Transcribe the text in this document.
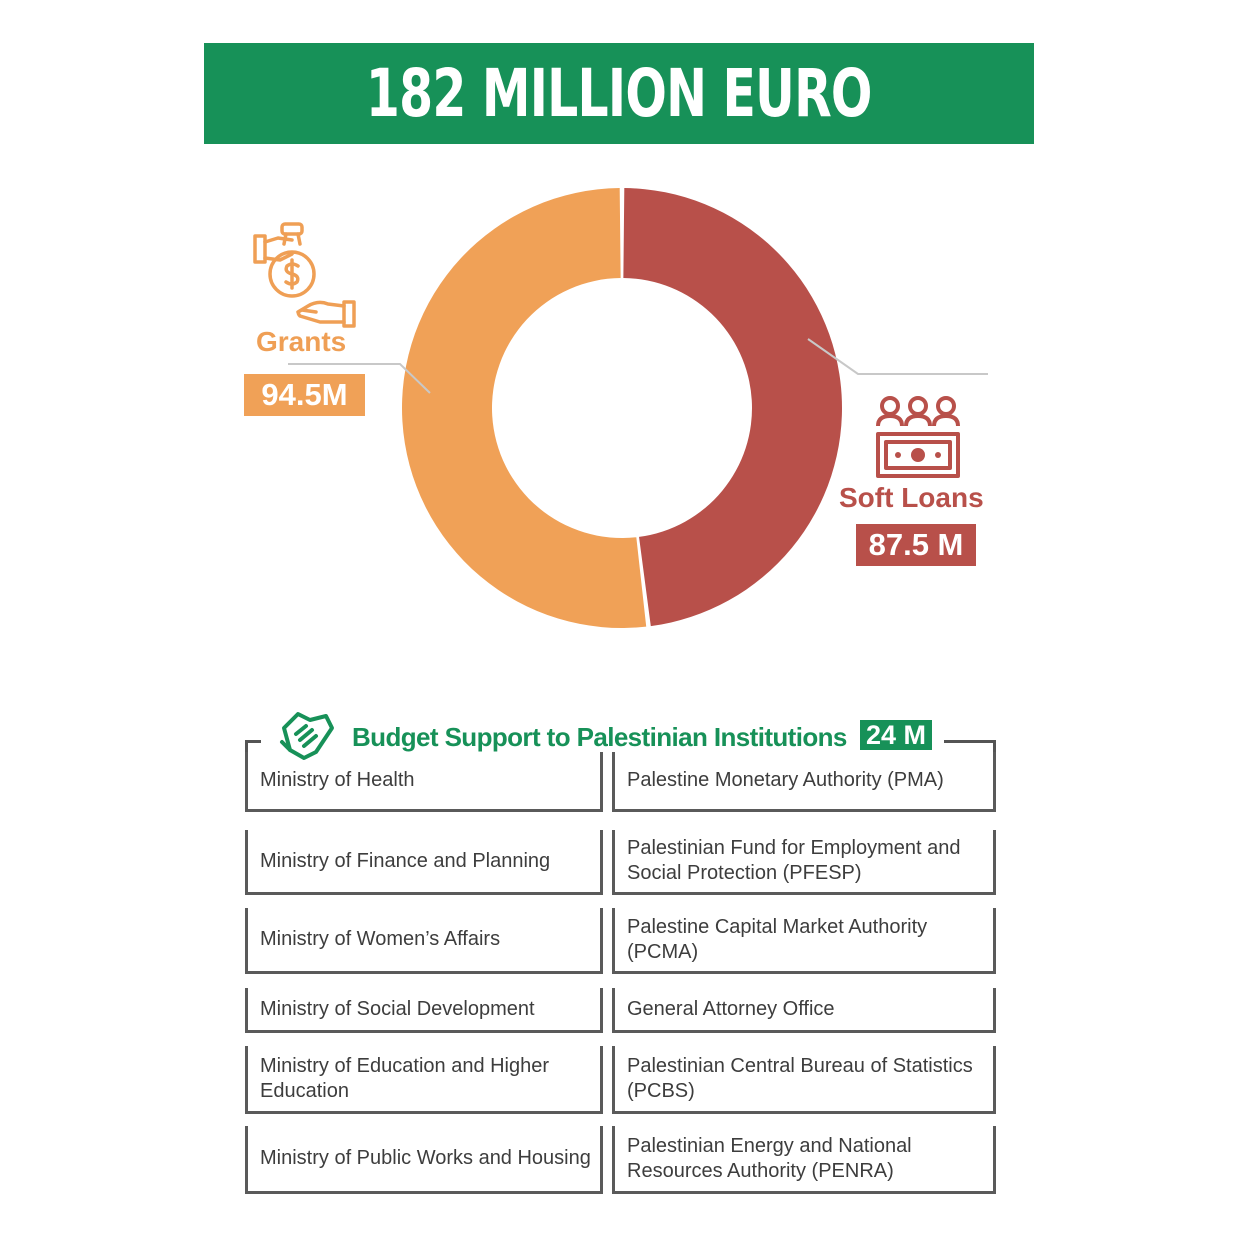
182 MILLION EURO
Grants
94.5M
Soft Loans
87.5 M
Budget Support to Palestinian Institutions 24 M
Ministry of Health	Palestine Monetary Authority (PMA)
Ministry of Finance and Planning
Palestinian Fund for Employment and Social Protection (PFESP)
Ministry of Women’s Affairs
Palestine Capital Market Authority (PCMA)
Ministry of Social Development	General Attorney Office
Ministry of Education and Higher Education
Palestinian Central Bureau of Statistics (PCBS)
Ministry of Public Works and Housing
Palestinian Energy and National Resources Authority (PENRA)
